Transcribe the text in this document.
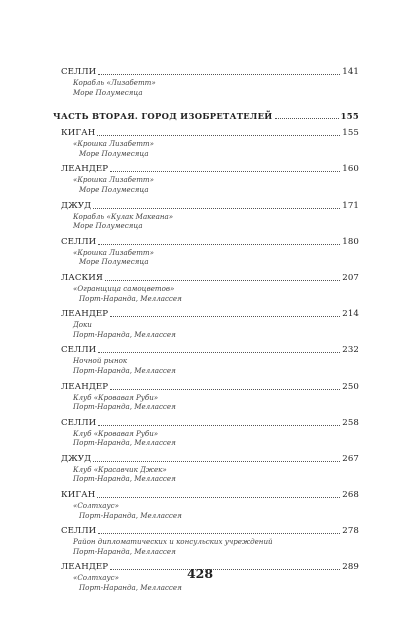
СЕЛЛИ	141
Корабль «Лизабетт»
Море Полумесяца
ЧАСТЬ ВТОРАЯ. ГОРОД ИЗОБРЕТАТЕЛЕЙ	155
КИГАН	155
«Крошка Лизабетт»
Море Полумесяца
ЛЕАНДЕР	160
«Крошка Лизабетт»
Море Полумесяца
ДЖУД	171
Корабль «Кулак Макеана»
Море Полумесяца
СЕЛЛИ	180
«Крошка Лизабетт»
Море Полумесяца
ЛАСКИЯ	207
«Огранщица самоцветов»
Порт-Наранда, Меллассея
ЛЕАНДЕР	214
Доки
Порт-Наранда, Меллассея
СЕЛЛИ	232
Ночной рынок
Порт-Наранда, Меллассея
ЛЕАНДЕР	250
Клуб «Кровавая Руби»
Порт-Наранда, Меллассея
СЕЛЛИ	258
Клуб «Кровавая Руби»
Порт-Наранда, Меллассея
ДЖУД	267
Клуб «Красавчик Джек»
Порт-Наранда, Меллассея
КИГАН	268
«Солтхаус»
Порт-Наранда, Меллассея
СЕЛЛИ	278
Район дипломатических и консульских учреждений
Порт-Наранда, Меллассея
ЛЕАНДЕР	289
«Солтхаус»
Порт-Наранда, Меллассея
428
